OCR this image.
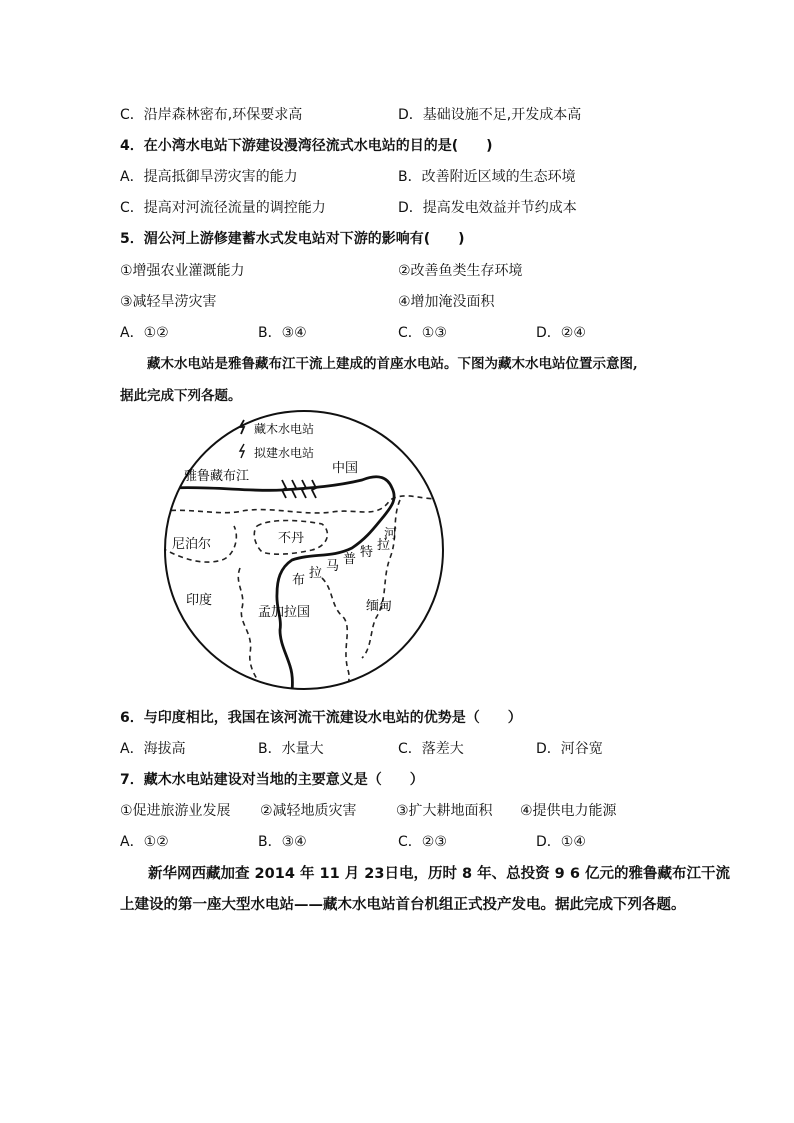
C．沿岸森林密布,环保要求高	D．基础设施不足,开发成本高
4．在小湾水电站下游建设漫湾径流式水电站的目的是(　　)
A．提高抵御旱涝灾害的能力	B．改善附近区域的生态环境
C．提高对河流径流量的调控能力	D．提高发电效益并节约成本
5．湄公河上游修建蓄水式发电站对下游的影响有(　　)
①增强农业灌溉能力	②改善鱼类生存环境
③减轻旱涝灾害	④增加淹没面积
A．①②	B．③④	C．①③	D．②④
藏木水电站是雅鲁藏布江干流上建成的首座水电站。下图为藏木水电站位置示意图,
据此完成下列各题。
藏木水电站
拟建水电站
雅鲁藏布江
中国
尼泊尔	不丹	河
印度
孟加拉国	缅甸
布 拉 马 普 特 拉
6．与印度相比，我国在该河流干流建设水电站的优势是（　　）
A．海拔高	B．水量大	C．落差大	D．河谷宽
7．藏木水电站建设对当地的主要意义是（　　）
①促进旅游业发展 ②减轻地质灾害	③扩大耕地面积 ④提供电力能源
A．①②	B．③④	C．②③	D．①④
新华网西藏加查 2014 年 11 月 23日电，历时 8 年、总投资 9 6 亿元的雅鲁藏布江干流
上建设的第一座大型水电站——藏木水电站首台机组正式投产发电。据此完成下列各题。
